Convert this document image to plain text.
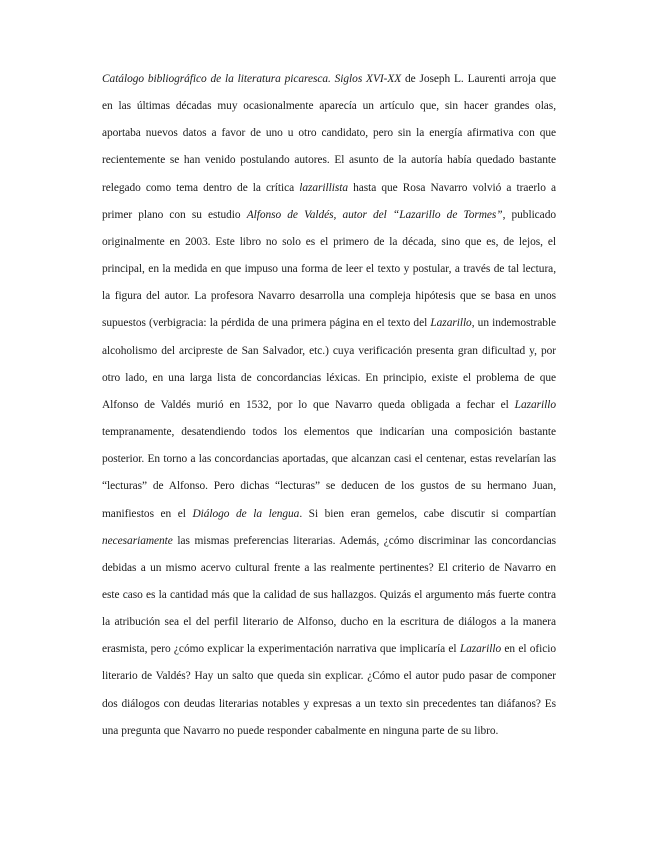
Catálogo bibliográfico de la literatura picaresca. Siglos XVI-XX de Joseph L. Laurenti arroja que en las últimas décadas muy ocasionalmente aparecía un artículo que, sin hacer grandes olas, aportaba nuevos datos a favor de uno u otro candidato, pero sin la energía afirmativa con que recientemente se han venido postulando autores. El asunto de la autoría había quedado bastante relegado como tema dentro de la crítica lazarillista hasta que Rosa Navarro volvió a traerlo a primer plano con su estudio Alfonso de Valdés, autor del “Lazarillo de Tormes”, publicado originalmente en 2003. Este libro no solo es el primero de la década, sino que es, de lejos, el principal, en la medida en que impuso una forma de leer el texto y postular, a través de tal lectura, la figura del autor. La profesora Navarro desarrolla una compleja hipótesis que se basa en unos supuestos (verbigracia: la pérdida de una primera página en el texto del Lazarillo, un indemostrable alcoholismo del arcipreste de San Salvador, etc.) cuya verificación presenta gran dificultad y, por otro lado, en una larga lista de concordancias léxicas. En principio, existe el problema de que Alfonso de Valdés murió en 1532, por lo que Navarro queda obligada a fechar el Lazarillo tempranamente, desatendiendo todos los elementos que indicarían una composición bastante posterior. En torno a las concordancias aportadas, que alcanzan casi el centenar, estas revelarían las “lecturas” de Alfonso. Pero dichas “lecturas” se deducen de los gustos de su hermano Juan, manifiestos en el Diálogo de la lengua. Si bien eran gemelos, cabe discutir si compartían necesariamente las mismas preferencias literarias. Además, ¿cómo discriminar las concordancias debidas a un mismo acervo cultural frente a las realmente pertinentes? El criterio de Navarro en este caso es la cantidad más que la calidad de sus hallazgos. Quizás el argumento más fuerte contra la atribución sea el del perfil literario de Alfonso, ducho en la escritura de diálogos a la manera erasmista, pero ¿cómo explicar la experimentación narrativa que implicaría el Lazarillo en el oficio literario de Valdés? Hay un salto que queda sin explicar. ¿Cómo el autor pudo pasar de componer dos diálogos con deudas literarias notables y expresas a un texto sin precedentes tan diáfanos? Es una pregunta que Navarro no puede responder cabalmente en ninguna parte de su libro.
